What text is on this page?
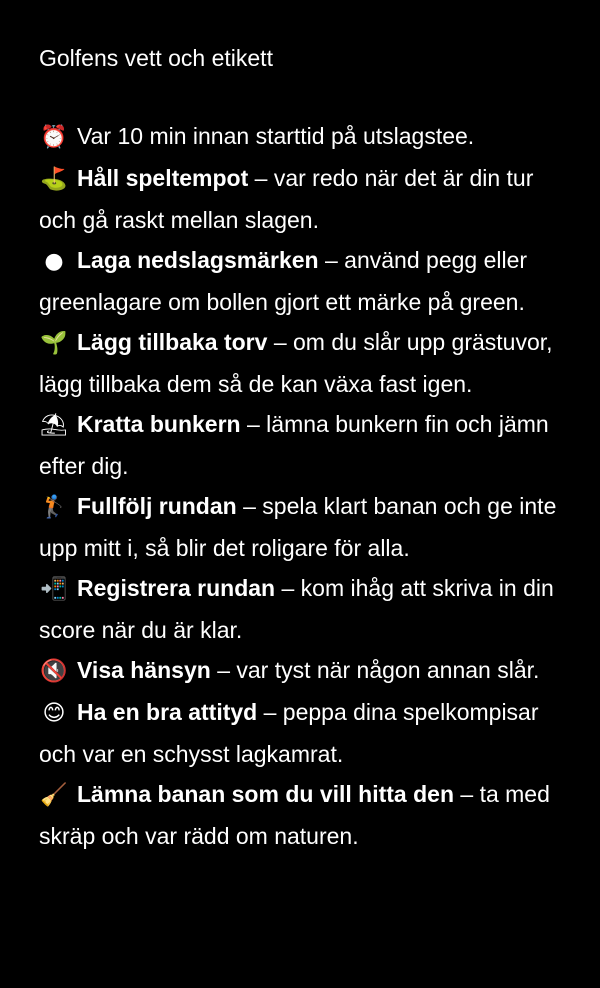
Golfens vett och etikett
⏰ Var 10 min innan starttid på utslagstee.
⛳ Håll speltempot – var redo när det är din tur och gå raskt mellan slagen.
● Laga nedslagsmärken – använd pegg eller greenlagare om bollen gjort ett märke på green.
🌱 Lägg tillbaka torv – om du slår upp grästuvor, lägg tillbaka dem så de kan växa fast igen.
⛱ Kratta bunkern – lämna bunkern fin och jämn efter dig.
🏌 Fullfölj rundan – spela klart banan och ge inte upp mitt i, så blir det roligare för alla.
📲 Registrera rundan – kom ihåg att skriva in din score när du är klar.
🔇 Visa hänsyn – var tyst när någon annan slår.
😊 Ha en bra attityd – peppa dina spelkompisar och var en schysst lagkamrat.
🧹 Lämna banan som du vill hitta den – ta med skräp och var rädd om naturen.
